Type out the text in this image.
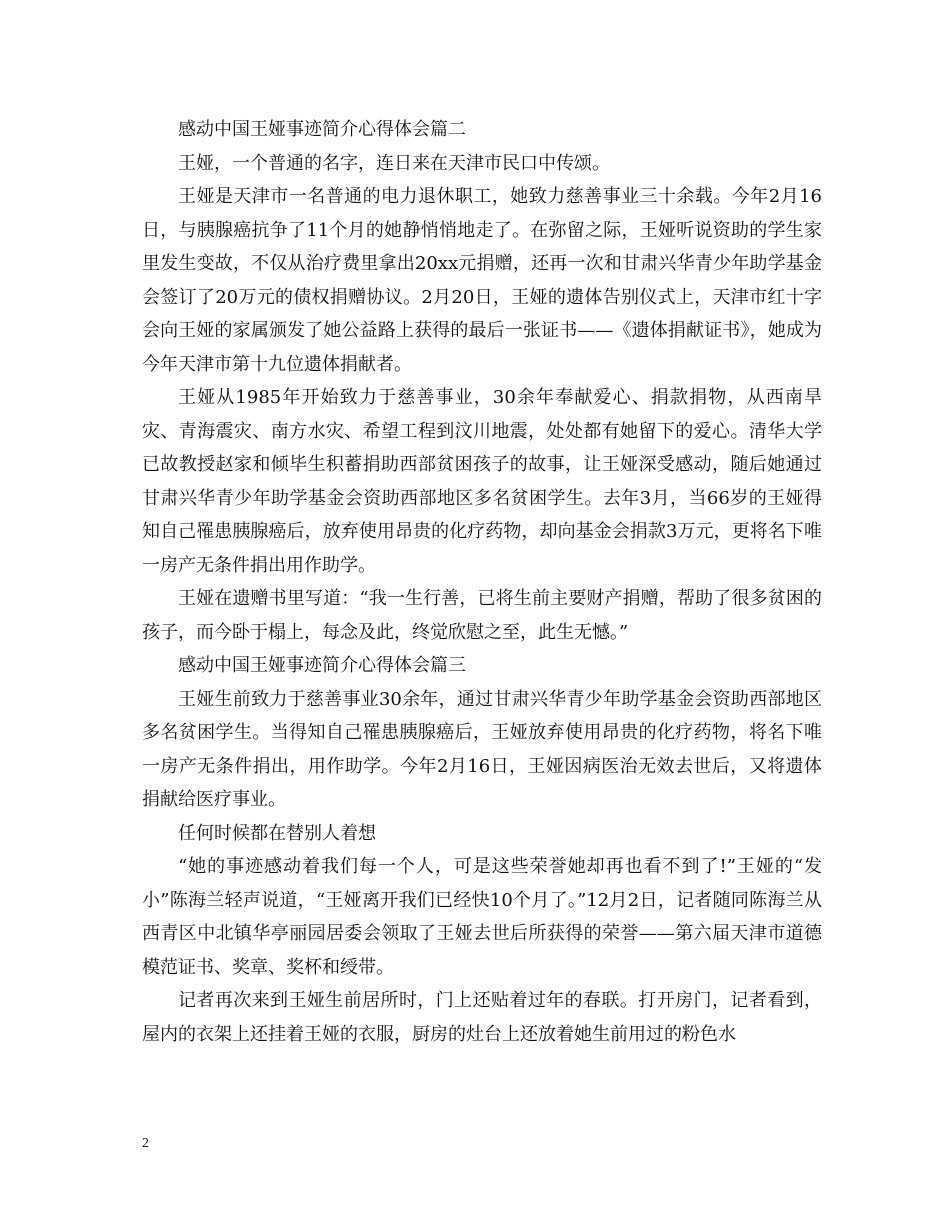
感动中国王娅事迹简介心得体会篇二

王娅，一个普通的名字，连日来在天津市民口中传颂。

王娅是天津市一名普通的电力退休职工，她致力慈善事业三十余载。今年2月16日，与胰腺癌抗争了11个月的她静悄悄地走了。在弥留之际，王娅听说资助的学生家里发生变故，不仅从治疗费里拿出20xx元捐赠，还再一次和甘肃兴华青少年助学基金会签订了20万元的债权捐赠协议。2月20日，王娅的遗体告别仪式上，天津市红十字会向王娅的家属颁发了她公益路上获得的最后一张证书——《遗体捐献证书》，她成为今年天津市第十九位遗体捐献者。

王娅从1985年开始致力于慈善事业，30余年奉献爱心、捐款捐物，从西南旱灾、青海震灾、南方水灾、希望工程到汶川地震，处处都有她留下的爱心。清华大学已故教授赵家和倾毕生积蓄捐助西部贫困孩子的故事，让王娅深受感动，随后她通过甘肃兴华青少年助学基金会资助西部地区多名贫困学生。去年3月，当66岁的王娅得知自己罹患胰腺癌后，放弃使用昂贵的化疗药物，却向基金会捐款3万元，更将名下唯一房产无条件捐出用作助学。

王娅在遗赠书里写道：“我一生行善，已将生前主要财产捐赠，帮助了很多贫困的孩子，而今卧于榻上，每念及此，终觉欣慰之至，此生无憾。”

感动中国王娅事迹简介心得体会篇三

王娅生前致力于慈善事业30余年，通过甘肃兴华青少年助学基金会资助西部地区多名贫困学生。当得知自己罹患胰腺癌后，王娅放弃使用昂贵的化疗药物，将名下唯一房产无条件捐出，用作助学。今年2月16日，王娅因病医治无效去世后，又将遗体捐献给医疗事业。

任何时候都在替别人着想

“她的事迹感动着我们每一个人，可是这些荣誉她却再也看不到了!”王娅的“发小”陈海兰轻声说道，“王娅离开我们已经快10个月了。”12月2日，记者随同陈海兰从西青区中北镇华亭丽园居委会领取了王娅去世后所获得的荣誉——第六届天津市道德模范证书、奖章、奖杯和绶带。

记者再次来到王娅生前居所时，门上还贴着过年的春联。打开房门，记者看到，屋内的衣架上还挂着王娅的衣服，厨房的灶台上还放着她生前用过的粉色水

2
